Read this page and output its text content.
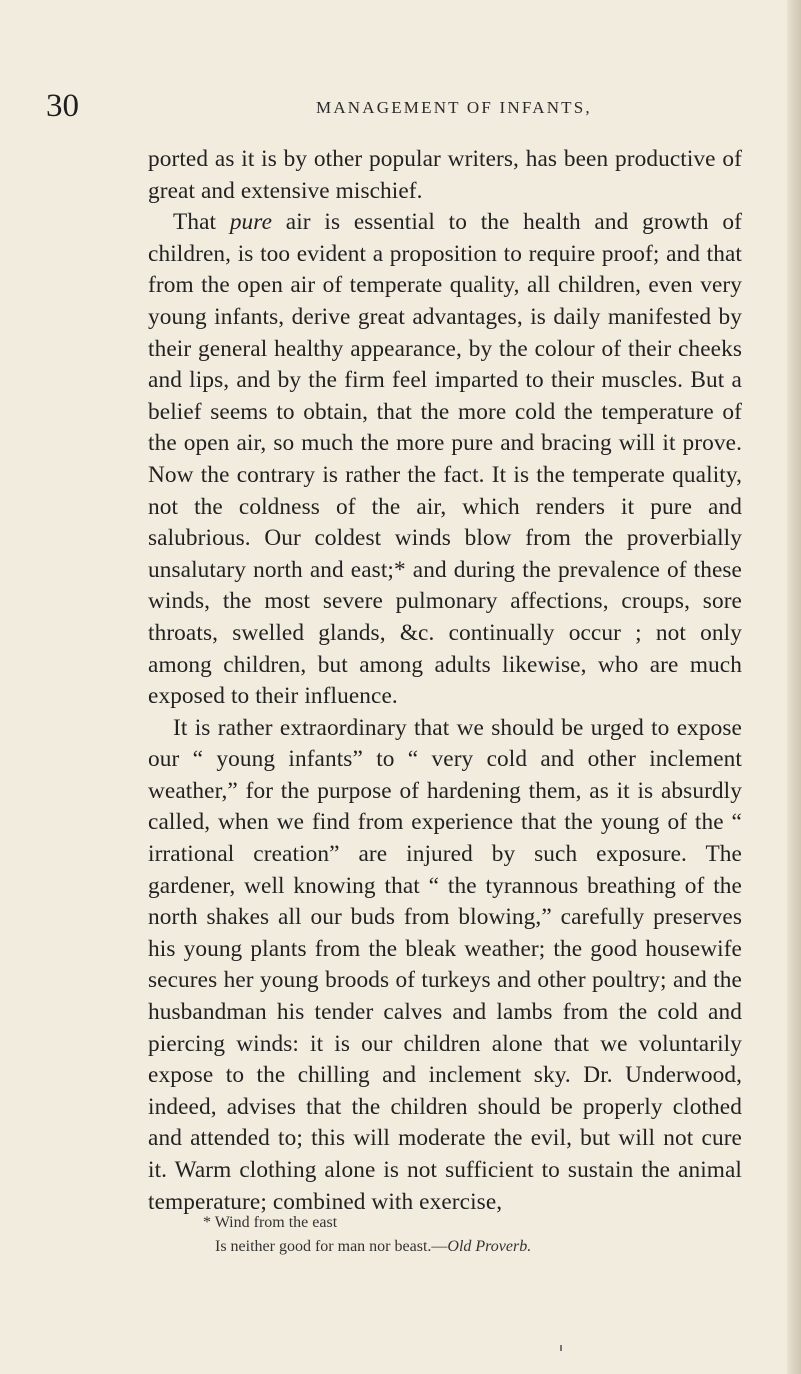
30	MANAGEMENT OF INFANTS,

ported as it is by other popular writers, has been productive of great and extensive mischief.

That pure air is essential to the health and growth of children, is too evident a proposition to require proof; and that from the open air of temperate quality, all children, even very young infants, derive great advantages, is daily manifested by their general healthy appearance, by the colour of their cheeks and lips, and by the firm feel imparted to their muscles. But a belief seems to obtain, that the more cold the temperature of the open air, so much the more pure and bracing will it prove. Now the contrary is rather the fact. It is the temperate quality, not the coldness of the air, which renders it pure and salubrious. Our coldest winds blow from the proverbially unsalutary north and east;* and during the prevalence of these winds, the most severe pulmonary affections, croups, sore throats, swelled glands, &c. continually occur ; not only among children, but among adults likewise, who are much exposed to their influence.

It is rather extraordinary that we should be urged to expose our “ young infants” to “ very cold and other inclement weather,” for the purpose of hardening them, as it is absurdly called, when we find from experience that the young of the “ irrational creation” are injured by such exposure. The gardener, well knowing that “ the tyrannous breathing of the north shakes all our buds from blowing,” carefully preserves his young plants from the bleak weather; the good housewife secures her young broods of turkeys and other poultry; and the husbandman his tender calves and lambs from the cold and piercing winds: it is our children alone that we voluntarily expose to the chilling and inclement sky. Dr. Underwood, indeed, advises that the children should be properly clothed and attended to; this will moderate the evil, but will not cure it. Warm clothing alone is not sufficient to sustain the animal temperature; combined with exercise,

* Wind from the east
Is neither good for man nor beast.—Old Proverb.
